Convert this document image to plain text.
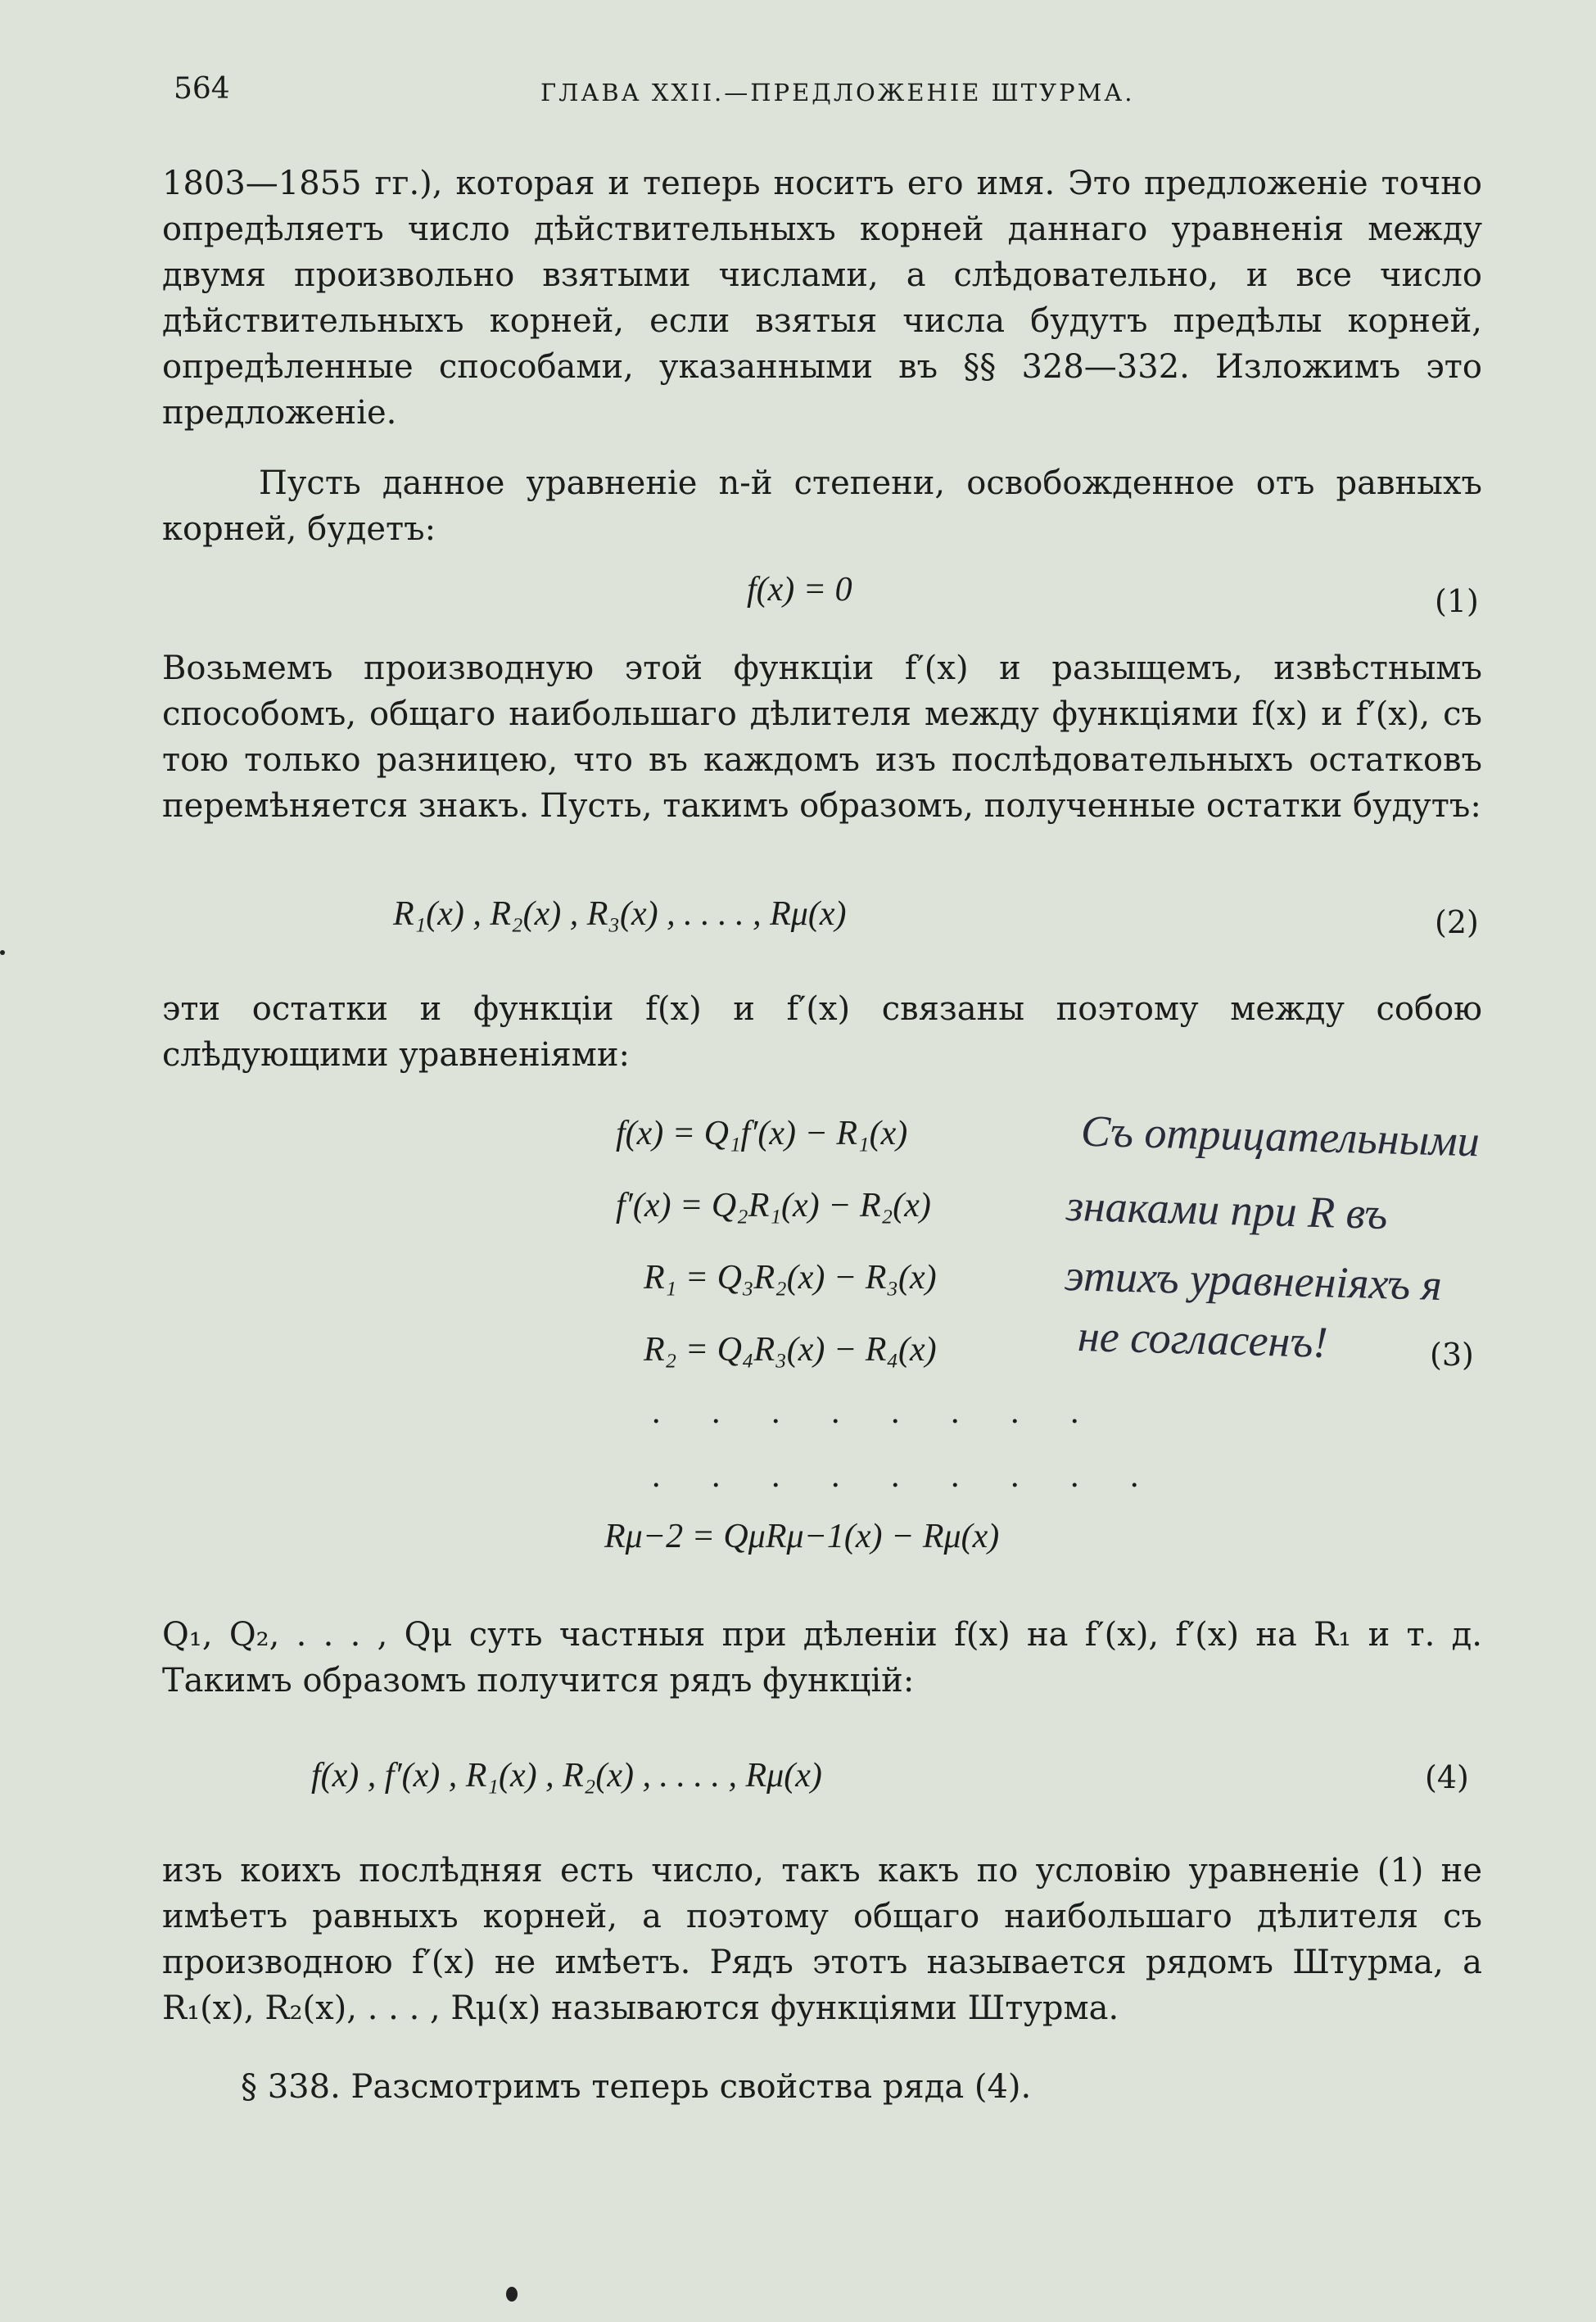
564	ГЛАВА XXII.—ПРЕДЛОЖЕНІЕ ШТУРМА.

1803—1855 гг.), которая и теперь носитъ его имя. Это предложеніе точно опредѣляетъ число дѣйствительныхъ корней даннаго уравненія между двумя произвольно взятыми числами, а слѣдовательно, и все число дѣйствительныхъ корней, если взятыя числа будутъ предѣлы корней, опредѣленные способами, указанными въ §§ 328—332. Изложимъ это предложеніе.

Пусть данное уравненіе n-й степени, освобожденное отъ равныхъ корней, будетъ:

f(x) = 0	(1)

Возьмемъ производную этой функціи f′(x) и разыщемъ, извѣстнымъ способомъ, общаго наибольшаго дѣлителя между функціями f(x) и f′(x), съ тою только разницею, что въ каждомъ изъ послѣдовательныхъ остатковъ перемѣняется знакъ. Пусть, такимъ образомъ, полученные остатки будутъ:

R₁(x) , R₂(x) , R₃(x) , . . . . , Rμ(x)	(2)

эти остатки и функціи f(x) и f′(x) связаны поэтому между собою слѣдующими уравненіями:

f(x) = Q₁f′(x) − R₁(x)
f′(x) = Q₂R₁(x) − R₂(x)
R₁ = Q₃R₂(x) − R₃(x)
R₂ = Q₄R₃(x) − R₄(x)
. . . . . . . .
. . . . . . . . .
Rμ−2 = QμRμ−1(x) − Rμ(x)
(3)
Съ отрицательными
знаками при R въ
этихъ уравненіяхъ я
не согласенъ!

Q₁, Q₂, . . . , Qμ суть частныя при дѣленіи f(x) на f′(x), f′(x) на R₁ и т. д. Такимъ образомъ получится рядъ функцій:

f(x) , f′(x) , R₁(x) , R₂(x) , . . . . , Rμ(x)	(4)

изъ коихъ послѣдняя есть число, такъ какъ по условію уравненіе (1) не имѣетъ равныхъ корней, а поэтому общаго наибольшаго дѣлителя съ производною f′(x) не имѣетъ. Рядъ этотъ называется рядомъ Штурма, а R₁(x), R₂(x), . . . , Rμ(x) называются функціями Штурма.

§ 338. Разсмотримъ теперь свойства ряда (4).
